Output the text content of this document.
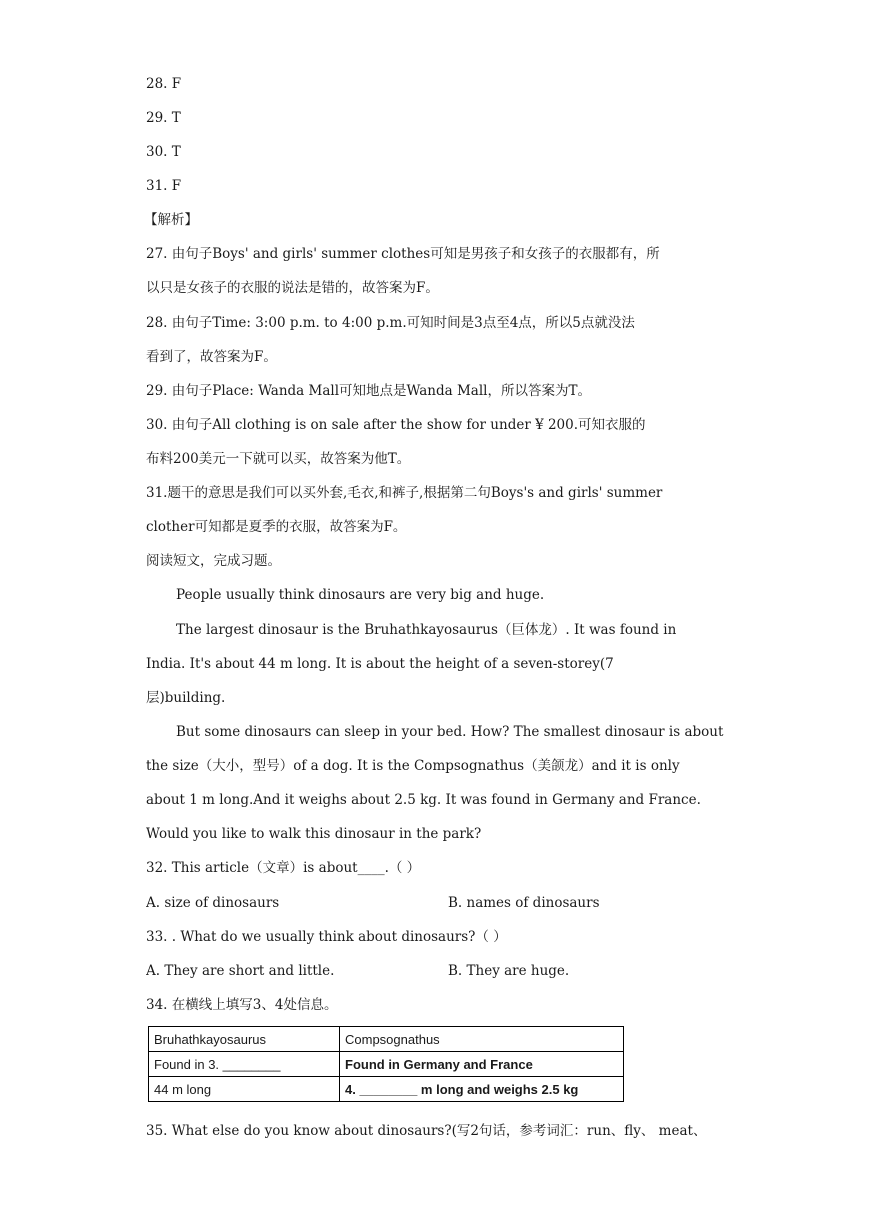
28. F
29. T
30. T
31. F
【解析】
27. 由句子Boys' and girls' summer clothes可知是男孩子和女孩子的衣服都有，所
以只是女孩子的衣服的说法是错的，故答案为F。
28. 由句子Time: 3:00 p.m. to 4:00 p.m.可知时间是3点至4点，所以5点就没法
看到了，故答案为F。
29. 由句子Place: Wanda Mall可知地点是Wanda Mall，所以答案为T。
30. 由句子All clothing is on sale after the show for under ¥ 200.可知衣服的
布料200美元一下就可以买，故答案为他T。
31.题干的意思是我们可以买外套,毛衣,和裤子,根据第二句Boys's and girls' summer
clother可知都是夏季的衣服，故答案为F。
阅读短文，完成习题。
People usually think dinosaurs are very big and huge.
The largest dinosaur is the Bruhathkayosaurus（巨体龙）. It was found in
India. It's about 44 m long. It is about the height of a seven-storey(7
层)building.
But some dinosaurs can sleep in your bed. How? The smallest dinosaur is about
the size（大小，型号）of a dog. It is the Compsognathus（美颌龙）and it is only
about 1 m long.And it weighs about 2.5 kg. It was found in Germany and France.
Would you like to walk this dinosaur in the park?
32. This article（文章）is about____.（ ）
A. size of dinosaurs	B. names of dinosaurs
33. . What do we usually think about dinosaurs?（ ）
A. They are short and little.	B. They are huge.
34. 在横线上填写3、4处信息。
Bruhathkayosaurus	Compsognathus
Found in 3. ________	Found in Germany and France
44 m long	4. ________ m long and weighs 2.5 kg
35. What else do you know about dinosaurs?(写2句话，参考词汇：run、fly、 meat、
